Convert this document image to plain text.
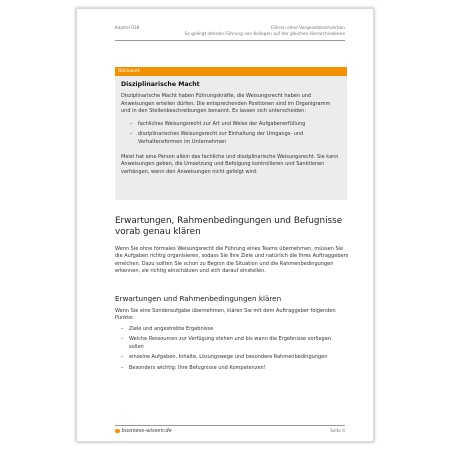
Kapitel 038	Führen ohne Vorgesetztenfunktion
So gelingt laterale Führung von Kollegen auf der gleichen Hierarchieebene
Stichwort
Disziplinarische Macht

Disziplinarische Macht haben Führungskräfte, die Weisungsrecht haben und Anweisungen erteilen dürfen. Die entsprechenden Positionen sind im Organigramm und in den Stellenbeschreibungen benannt. Es lassen sich unterscheiden:

– fachliches Weisungsrecht zur Art und Weise der Aufgabenerfüllung
– disziplinarisches Weisungsrecht zur Einhaltung der Umgangs- und Verhaltensformen im Unternehmen

Meist hat eine Person allein das fachliche und disziplinarische Weisungsrecht. Sie kann Anweisungen geben, die Umsetzung und Befolgung kontrollieren und Sanktionen verhängen, wenn den Anweisungen nicht gefolgt wird.

Erwartungen, Rahmenbedingungen und Befugnisse vorab genau klären
Wenn Sie ohne formales Weisungsrecht die Führung eines Teams übernehmen, müssen Sie die Aufgaben richtig organisieren, sodass Sie Ihre Ziele und natürlich die Ihres Auftraggebers erreichen. Dazu sollten Sie schon zu Beginn die Situation und die Rahmenbedingungen erkennen, sie richtig einschätzen und sich darauf einstellen.
Erwartungen und Rahmenbedingungen klären
Wenn Sie eine Sonderaufgabe übernehmen, klären Sie mit dem Auftraggeber folgenden Punkte:
– Ziele und angestrebte Ergebnisse
– Welche Ressourcen zur Verfügung stehen und bis wann die Ergebnisse vorliegen sollen
– einzelne Aufgaben, Inhalte, Lösungswege und besondere Rahmenbedingungen
– Besonders wichtig: Ihre Befugnisse und Kompetenzen!
business-wissen.de	Seite 4
